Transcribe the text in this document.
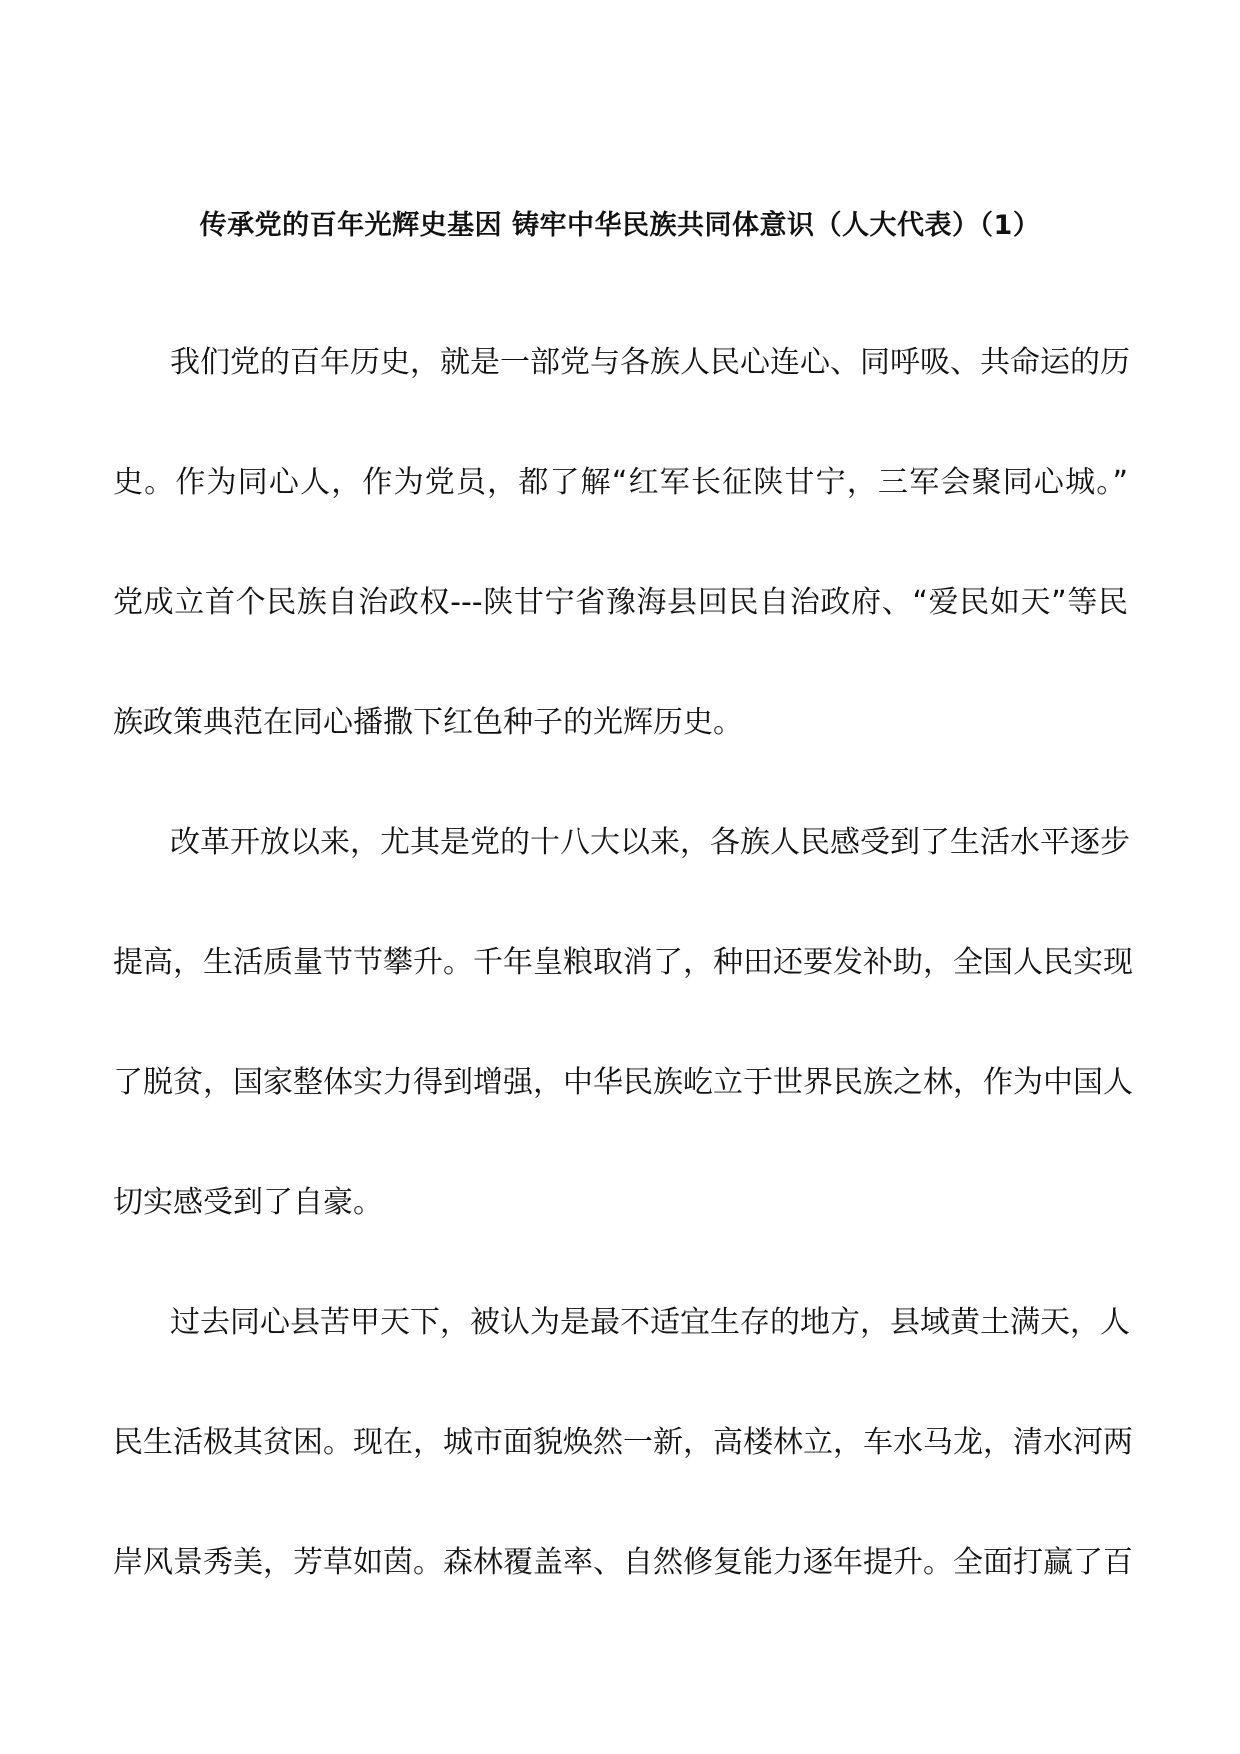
传承党的百年光辉史基因 铸牢中华民族共同体意识（人大代表）（1）
我们党的百年历史，就是一部党与各族人民心连心、同呼吸、共命运的历
史。作为同心人，作为党员，都了解“红军长征陕甘宁，三军会聚同心城。”
党成立首个民族自治政权---陕甘宁省豫海县回民自治政府、“爱民如天”等民
族政策典范在同心播撒下红色种子的光辉历史。
改革开放以来，尤其是党的十八大以来，各族人民感受到了生活水平逐步
提高，生活质量节节攀升。千年皇粮取消了，种田还要发补助，全国人民实现
了脱贫，国家整体实力得到增强，中华民族屹立于世界民族之林，作为中国人
切实感受到了自豪。
过去同心县苦甲天下，被认为是最不适宜生存的地方，县域黄土满天，人
民生活极其贫困。现在，城市面貌焕然一新，高楼林立，车水马龙，清水河两
岸风景秀美，芳草如茵。森林覆盖率、自然修复能力逐年提升。全面打赢了百
